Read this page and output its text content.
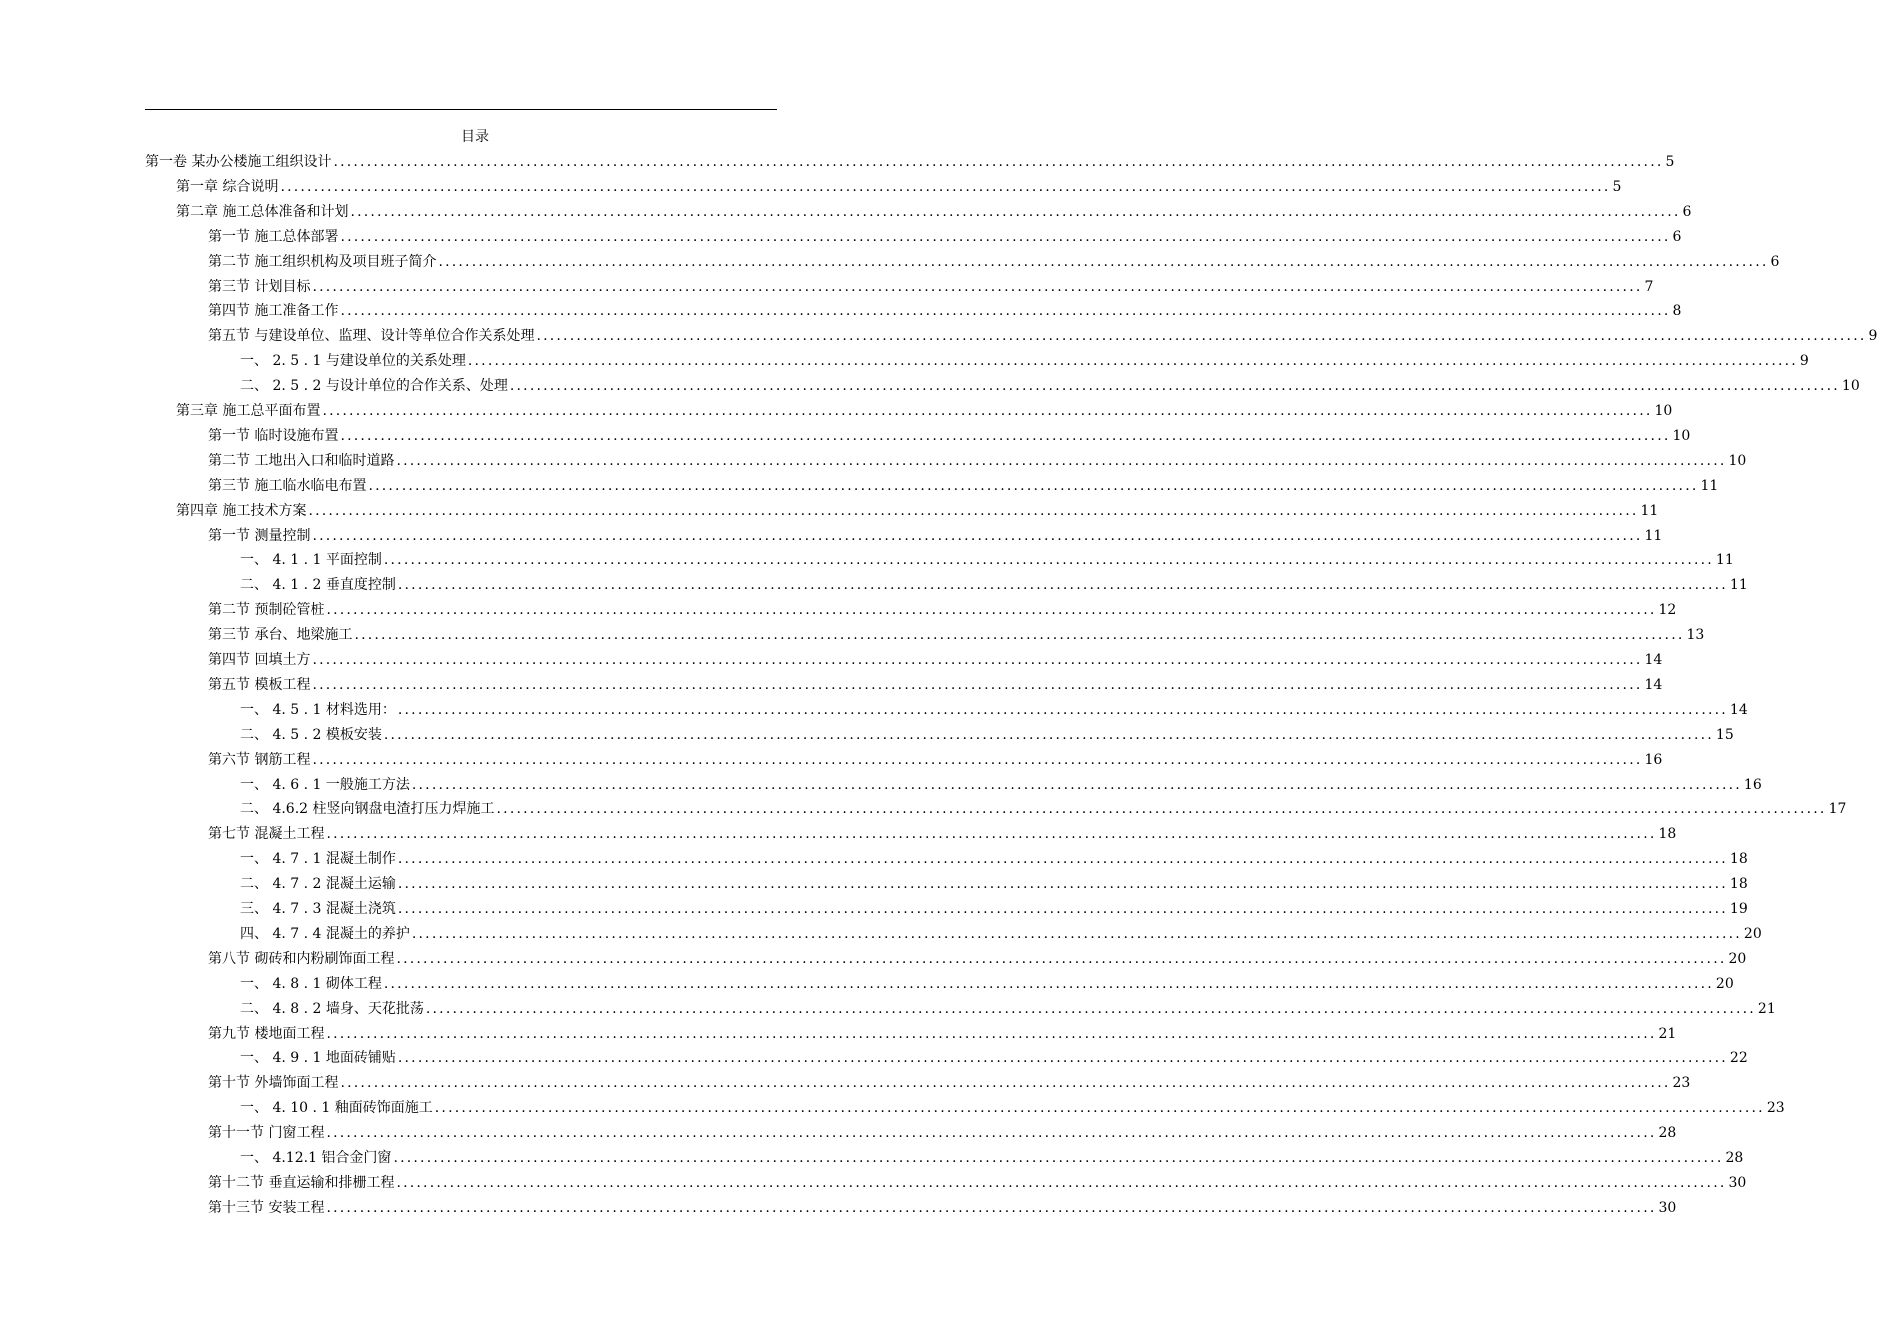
目录
第一卷 某办公楼施工组织设计 ........................................................................................................................................................................................................ 5
第一章 综合说明 ........................................................................................................................................................................................................ 5
第二章 施工总体准备和计划 ........................................................................................................................................................................................................ 6
第一节 施工总体部署 ........................................................................................................................................................................................................ 6
第二节 施工组织机构及项目班子简介 ........................................................................................................................................................................................................ 6
第三节 计划目标 ........................................................................................................................................................................................................ 7
第四节 施工准备工作 ........................................................................................................................................................................................................ 8
第五节 与建设单位、监理、设计等单位合作关系处理 ........................................................................................................................................................................................................ 9
一、 2. 5 . 1 与建设单位的关系处理 ........................................................................................................................................................................................................ 9
二、 2. 5 . 2 与设计单位的合作关系、处理 ........................................................................................................................................................................................................ 10
第三章 施工总平面布置 ........................................................................................................................................................................................................ 10
第一节 临时设施布置 ........................................................................................................................................................................................................ 10
第二节 工地出入口和临时道路 ........................................................................................................................................................................................................ 10
第三节 施工临水临电布置 ........................................................................................................................................................................................................ 11
第四章 施工技术方案 ........................................................................................................................................................................................................ 11
第一节 测量控制 ........................................................................................................................................................................................................ 11
一、 4. 1 . 1 平面控制 ........................................................................................................................................................................................................ 11
二、 4. 1 . 2 垂直度控制 ........................................................................................................................................................................................................ 11
第二节 预制砼管桩 ........................................................................................................................................................................................................ 12
第三节 承台、地梁施工 ........................................................................................................................................................................................................ 13
第四节 回填土方 ........................................................................................................................................................................................................ 14
第五节 模板工程 ........................................................................................................................................................................................................ 14
一、 4. 5 . 1 材料选用： ........................................................................................................................................................................................................ 14
二、 4. 5 . 2 模板安装 ........................................................................................................................................................................................................ 15
第六节 钢筋工程 ........................................................................................................................................................................................................ 16
一、 4. 6 . 1 一般施工方法 ........................................................................................................................................................................................................ 16
二、 4.6.2 柱竖向钢盘电渣打压力焊施工 ........................................................................................................................................................................................................ 17
第七节 混凝土工程 ........................................................................................................................................................................................................ 18
一、 4. 7 . 1 混凝土制作 ........................................................................................................................................................................................................ 18
二、 4. 7 . 2 混凝土运输 ........................................................................................................................................................................................................ 18
三、 4. 7 . 3 混凝土浇筑 ........................................................................................................................................................................................................ 19
四、 4. 7 . 4 混凝土的养护 ........................................................................................................................................................................................................ 20
第八节 砌砖和内粉刷饰面工程 ........................................................................................................................................................................................................ 20
一、 4. 8 . 1 砌体工程 ........................................................................................................................................................................................................ 20
二、 4. 8 . 2 墙身、天花批荡 ........................................................................................................................................................................................................ 21
第九节 楼地面工程 ........................................................................................................................................................................................................ 21
一、 4. 9 . 1 地面砖铺贴 ........................................................................................................................................................................................................ 22
第十节 外墙饰面工程 ........................................................................................................................................................................................................ 23
一、 4. 10 . 1 釉面砖饰面施工 ........................................................................................................................................................................................................ 23
第十一节 门窗工程 ........................................................................................................................................................................................................ 28
一、 4.12.1 铝合金门窗 ........................................................................................................................................................................................................ 28
第十二节 垂直运输和排栅工程 ........................................................................................................................................................................................................ 30
第十三节 安装工程 ........................................................................................................................................................................................................ 30
